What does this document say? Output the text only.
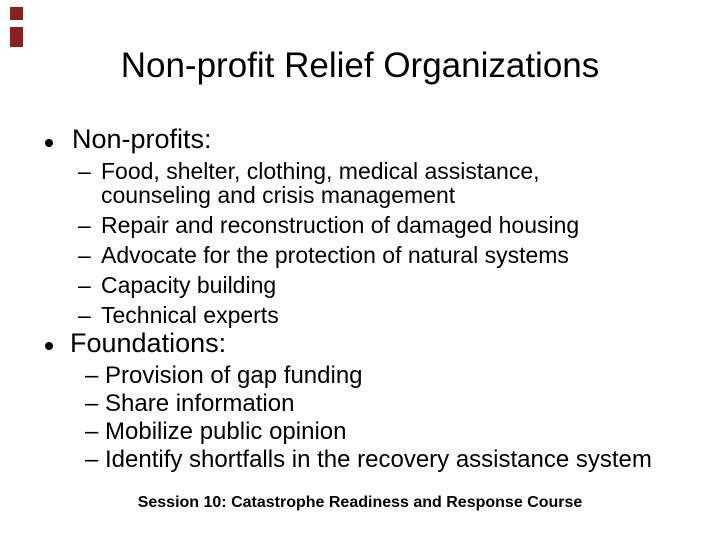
Non-profit Relief Organizations
Non-profits:
– Food, shelter, clothing, medical assistance, counseling and crisis management
– Repair and reconstruction of damaged housing
– Advocate for the protection of natural systems
– Capacity building
– Technical experts
Foundations:
– Provision of gap funding
– Share information
– Mobilize public opinion
– Identify shortfalls in the recovery assistance system
Session 10: Catastrophe Readiness and Response Course
